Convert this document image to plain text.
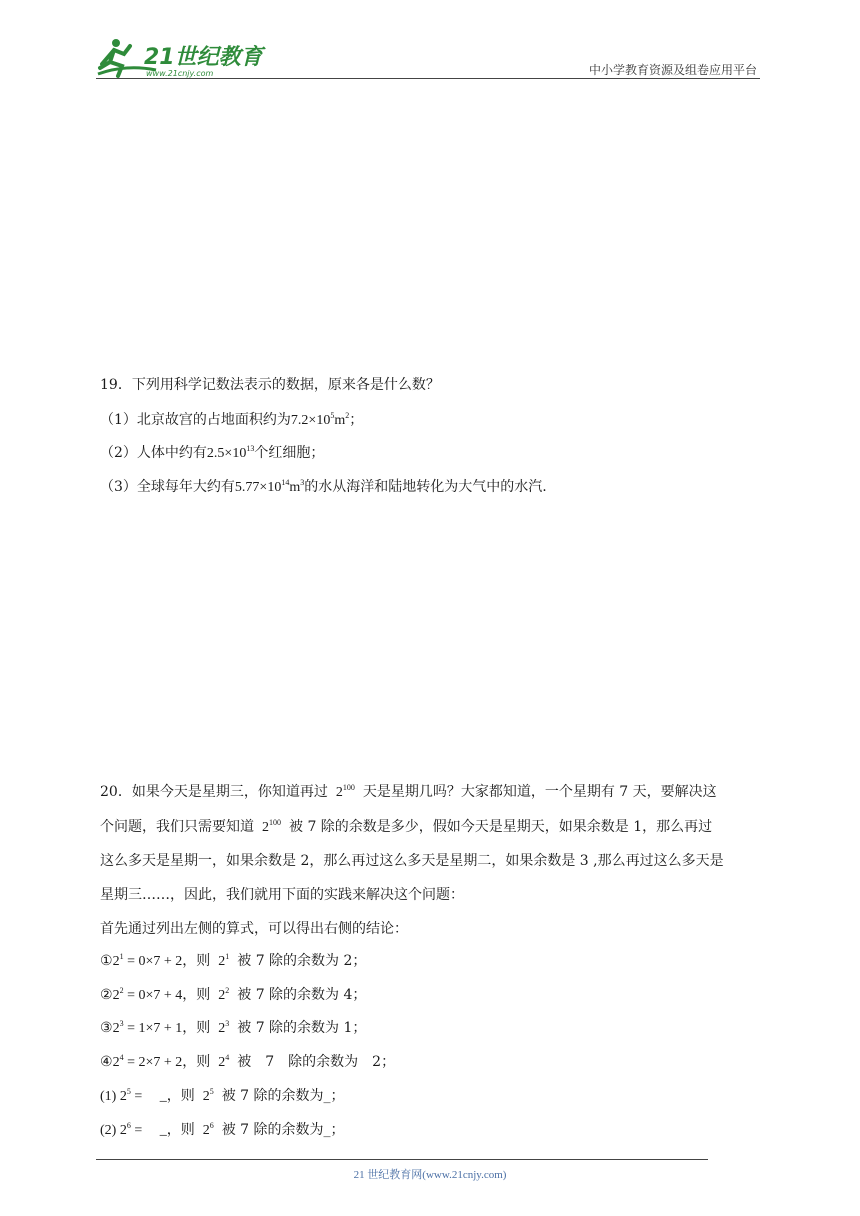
21世纪教育
www.21cnjy.com	中小学教育资源及组卷应用平台
19．下列用科学记数法表示的数据，原来各是什么数？
（1）北京故宫的占地面积约为$7.2\times 10^5m^2$；
（2）人体中约有$2.5\times 10^{13}$个红细胞；
（3）全球每年大约有$5.77\times 10^{14}m^3$的水从海洋和陆地转化为大气中的水汽.
20．如果今天是星期三，你知道再过 $2^{100}$ 天是星期几吗？大家都知道，一个星期有 7 天，要解决这
个问题，我们只需要知道 $2^{100}$ 被 7 除的余数是多少，假如今天是星期天，如果余数是 1，那么再过
这么多天是星期一，如果余数是 2，那么再过这么多天是星期二，如果余数是 3 ,那么再过这么多天是
星期三……，因此，我们就用下面的实践来解决这个问题：
首先通过列出左侧的算式，可以得出右侧的结论：
$①2^1 = 0\times 7 + 2$，则 $2^1$ 被 7 除的余数为 2；
$②2^2 = 0\times 7 + 4$，则 $2^2$ 被 7 除的余数为 4；
$③2^3 = 1\times 7 + 1$，则 $2^3$ 被 7 除的余数为 1；
$④2^4 = 2\times 7 + 2$，则 $2^4$ 被　7　除的余数为　2；
(1) $2^5$ = 　_，则 $2^5$ 被 7 除的余数为_；
(2) $2^6$ = 　_，则 $2^6$ 被 7 除的余数为_；
21 世纪教育网(www.21cnjy.com)
